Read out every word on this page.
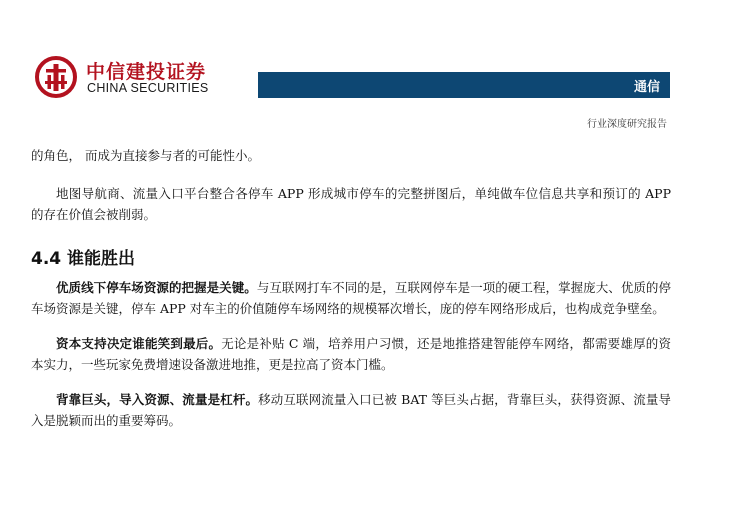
中信建投证券
CHINA SECURITIES	通信
行业深度研究报告

的角色， 而成为直接参与者的可能性小。

地图导航商、流量入口平台整合各停车 APP 形成城市停车的完整拼图后，单纯做车位信息共享和预订的 APP 的存在价值会被削弱。

4.4 谁能胜出

优质线下停车场资源的把握是关键。与互联网打车不同的是，互联网停车是一项的硬工程，掌握庞大、优质的停车场资源是关键，停车 APP 对车主的价值随停车场网络的规模幂次增长，庞的停车网络形成后，也构成竞争壁垒。

资本支持决定谁能笑到最后。无论是补贴 C 端，培养用户习惯，还是地推搭建智能停车网络，都需要雄厚的资本实力，一些玩家免费增速设备激进地推，更是拉高了资本门槛。

背靠巨头，导入资源、流量是杠杆。移动互联网流量入口已被 BAT 等巨头占据，背靠巨头，获得资源、流量导入是脱颖而出的重要筹码。
